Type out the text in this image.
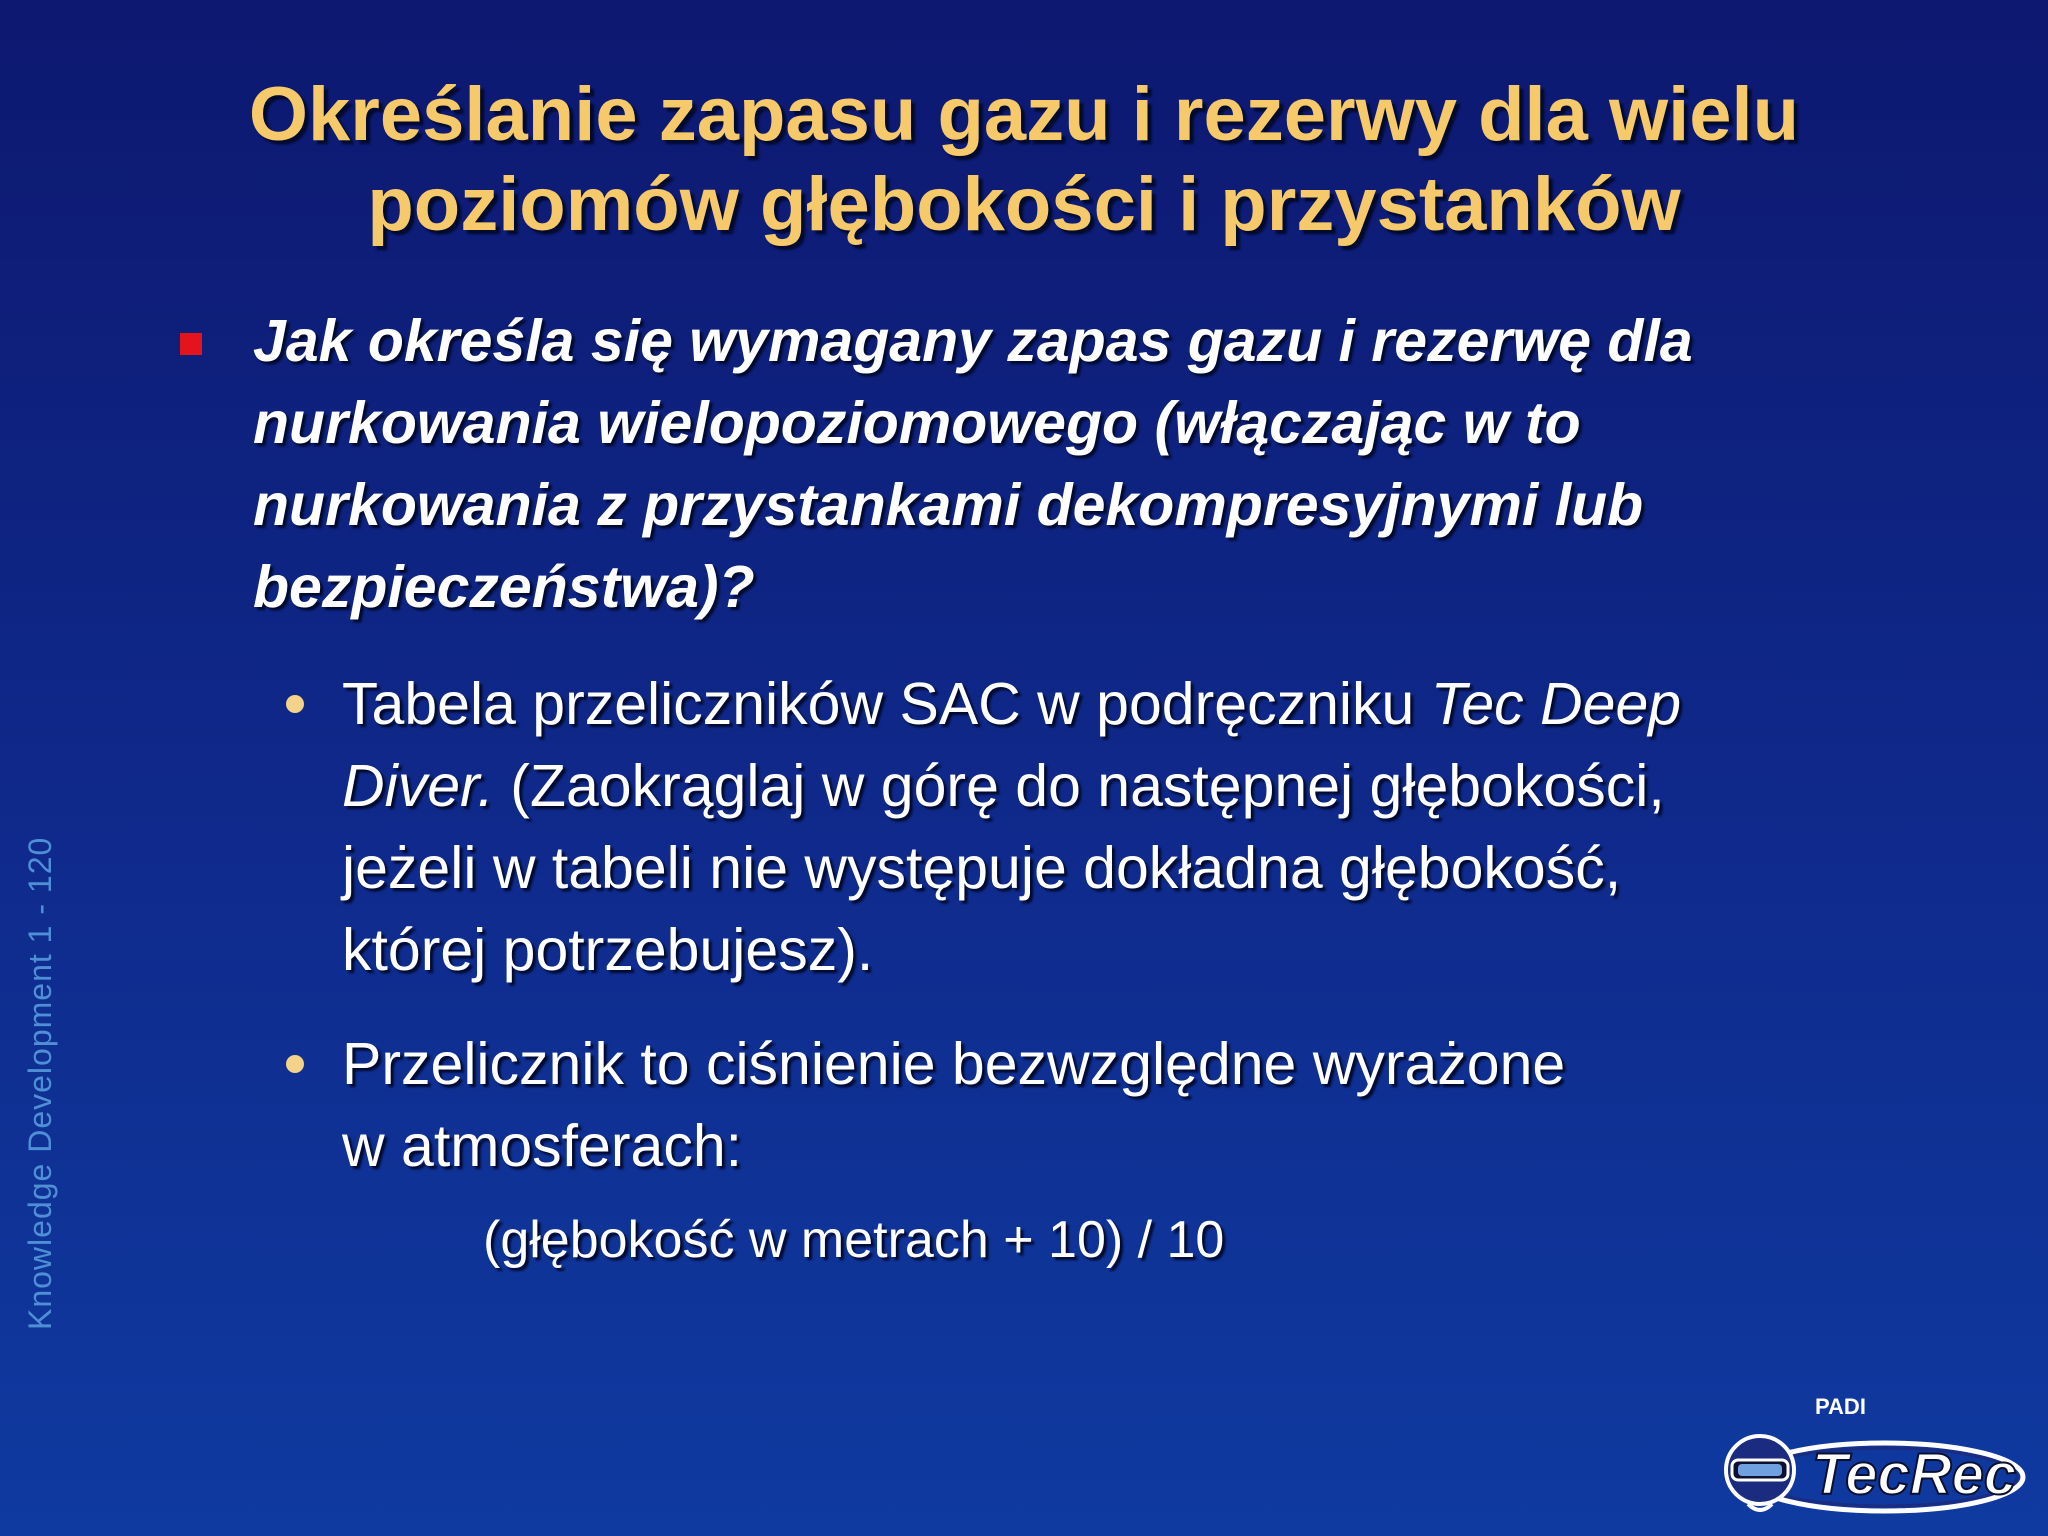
Określanie zapasu gazu i rezerwy dla wielu
poziomów głębokości i przystanków
Jak określa się wymagany zapas gazu i rezerwę dla
nurkowania wielopoziomowego (włączając w to
nurkowania z przystankami dekompresyjnymi lub
bezpieczeństwa)?
Tabela przeliczników SAC w podręczniku Tec Deep
Diver. (Zaokrąglaj w górę do następnej głębokości,
jeżeli w tabeli nie występuje dokładna głębokość,
której potrzebujesz).
Przelicznik to ciśnienie bezwzględne wyrażone
w atmosferach:
(głębokość w metrach + 10) / 10
Knowledge Development 1 - 120
PADI
TecRec
